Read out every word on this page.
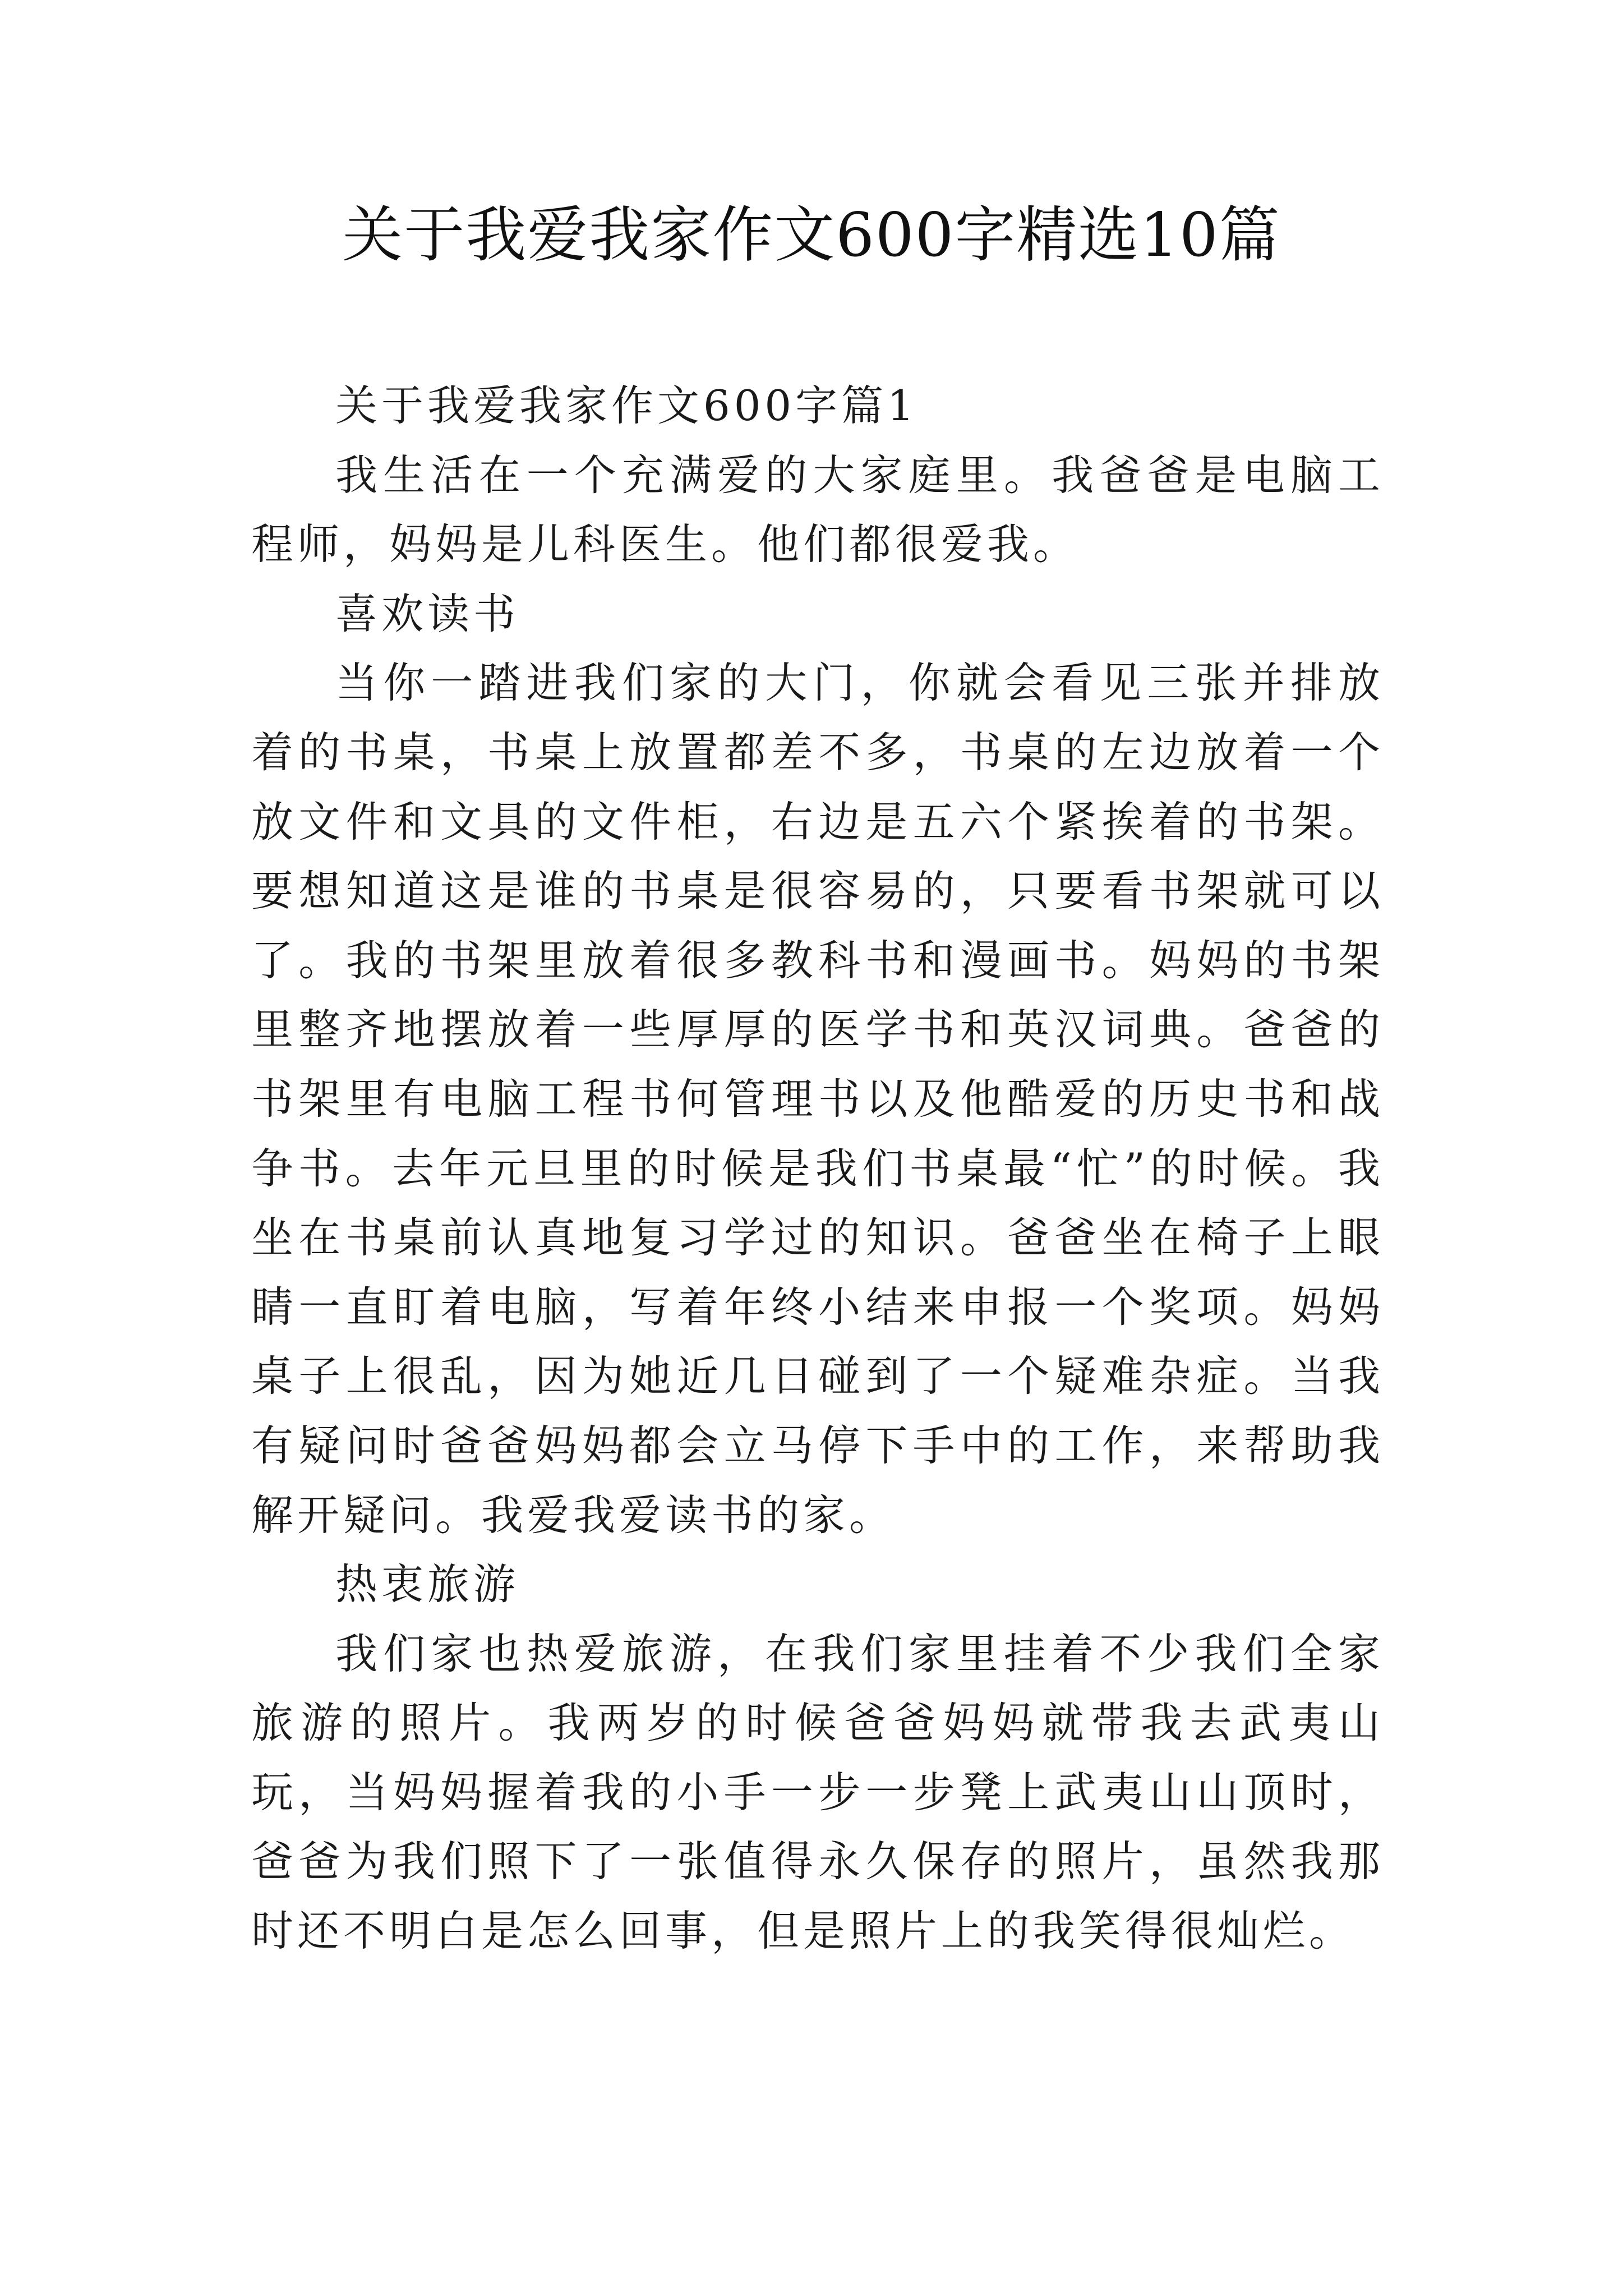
关于我爱我家作文600字精选10篇

关于我爱我家作文600字篇1

我生活在一个充满爱的大家庭里。我爸爸是电脑工程师，妈妈是儿科医生。他们都很爱我。

喜欢读书

当你一踏进我们家的大门，你就会看见三张并排放着的书桌，书桌上放置都差不多，书桌的左边放着一个放文件和文具的文件柜，右边是五六个紧挨着的书架。要想知道这是谁的书桌是很容易的，只要看书架就可以了。我的书架里放着很多教科书和漫画书。妈妈的书架里整齐地摆放着一些厚厚的医学书和英汉词典。爸爸的书架里有电脑工程书何管理书以及他酷爱的历史书和战争书。去年元旦里的时候是我们书桌最“忙”的时候。我坐在书桌前认真地复习学过的知识。爸爸坐在椅子上眼睛一直盯着电脑，写着年终小结来申报一个奖项。妈妈桌子上很乱，因为她近几日碰到了一个疑难杂症。当我有疑问时爸爸妈妈都会立马停下手中的工作，来帮助我解开疑问。我爱我爱读书的家。

热衷旅游

我们家也热爱旅游，在我们家里挂着不少我们全家旅游的照片。我两岁的时候爸爸妈妈就带我去武夷山玩，当妈妈握着我的小手一步一步凳上武夷山山顶时，爸爸为我们照下了一张值得永久保存的照片，虽然我那时还不明白是怎么回事，但是照片上的我笑得很灿烂。
